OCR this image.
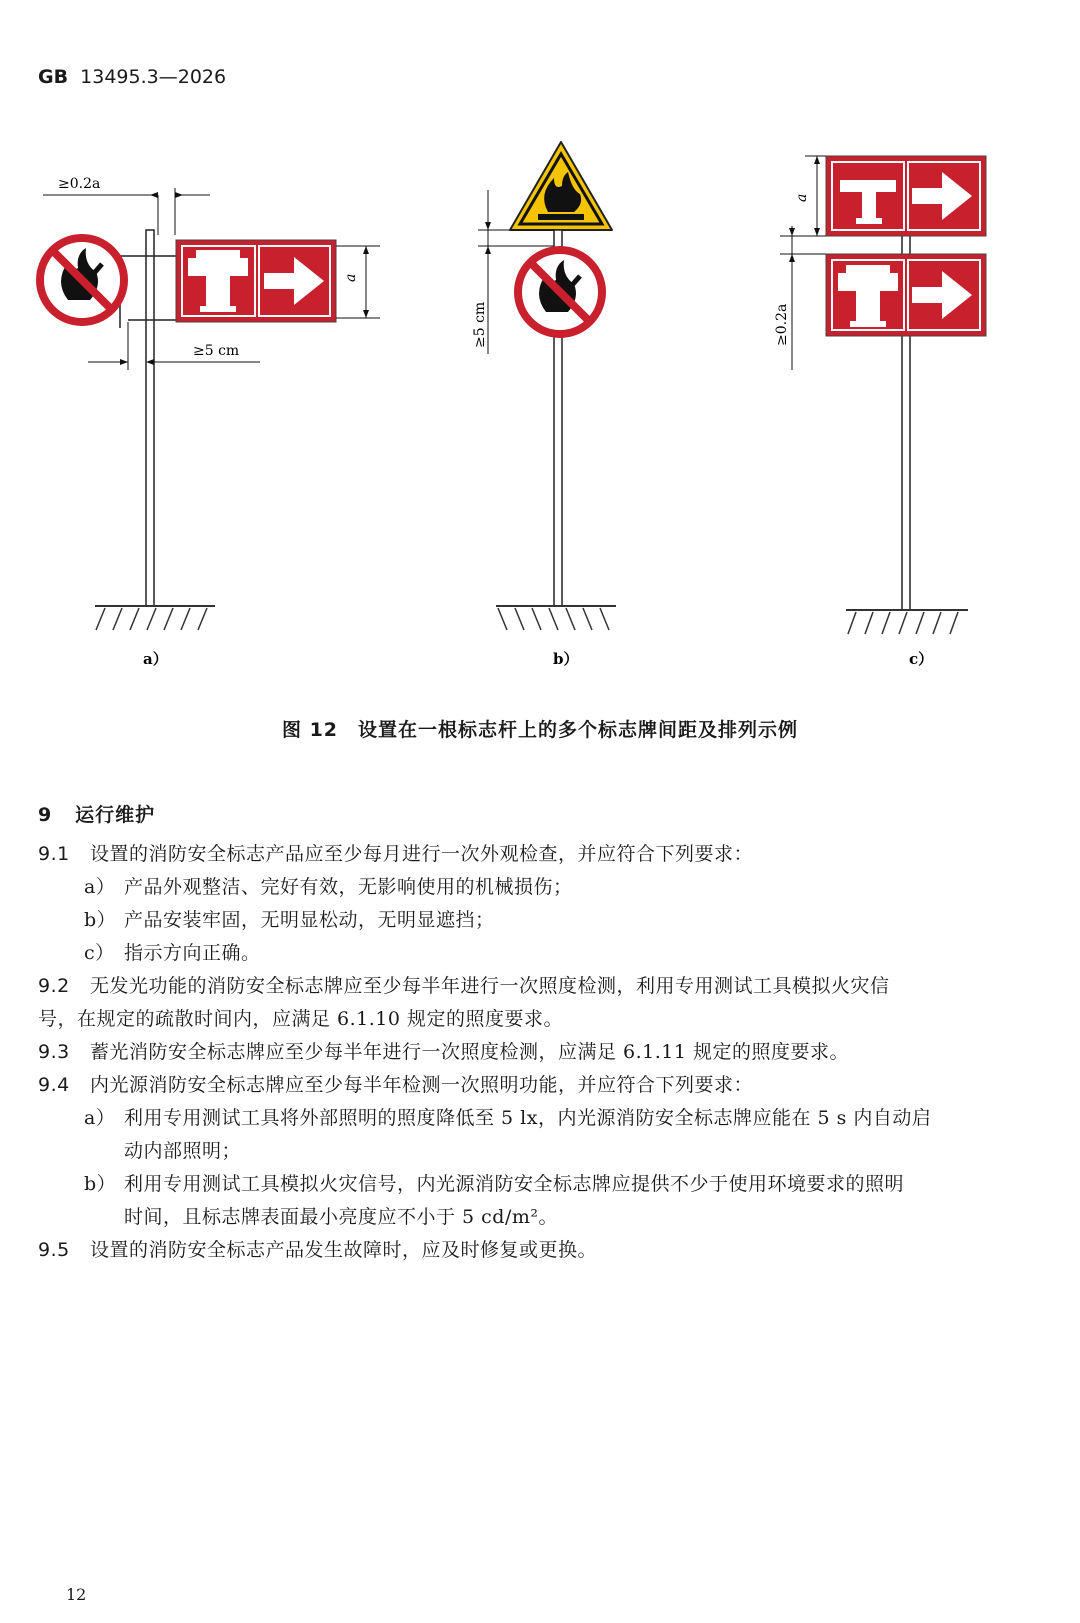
GB 13495.3—2026
≥0.2a
a
≥5 cm
a）
≥5 cm
b）
a
≥0.2a
c）
图 12　设置在一根标志杆上的多个标志牌间距及排列示例
9 运行维护
9.1 设置的消防安全标志产品应至少每月进行一次外观检查，并应符合下列要求：
a） 产品外观整洁、完好有效，无影响使用的机械损伤；
b） 产品安装牢固，无明显松动，无明显遮挡；
c） 指示方向正确。
9.2 无发光功能的消防安全标志牌应至少每半年进行一次照度检测，利用专用测试工具模拟火灾信
号，在规定的疏散时间内，应满足 6.1.10 规定的照度要求。
9.3 蓄光消防安全标志牌应至少每半年进行一次照度检测，应满足 6.1.11 规定的照度要求。
9.4 内光源消防安全标志牌应至少每半年检测一次照明功能，并应符合下列要求：
a） 利用专用测试工具将外部照明的照度降低至 5 lx，内光源消防安全标志牌应能在 5 s 内自动启
动内部照明；
b） 利用专用测试工具模拟火灾信号，内光源消防安全标志牌应提供不少于使用环境要求的照明
时间，且标志牌表面最小亮度应不小于 5 cd/m²。
9.5 设置的消防安全标志产品发生故障时，应及时修复或更换。
12
